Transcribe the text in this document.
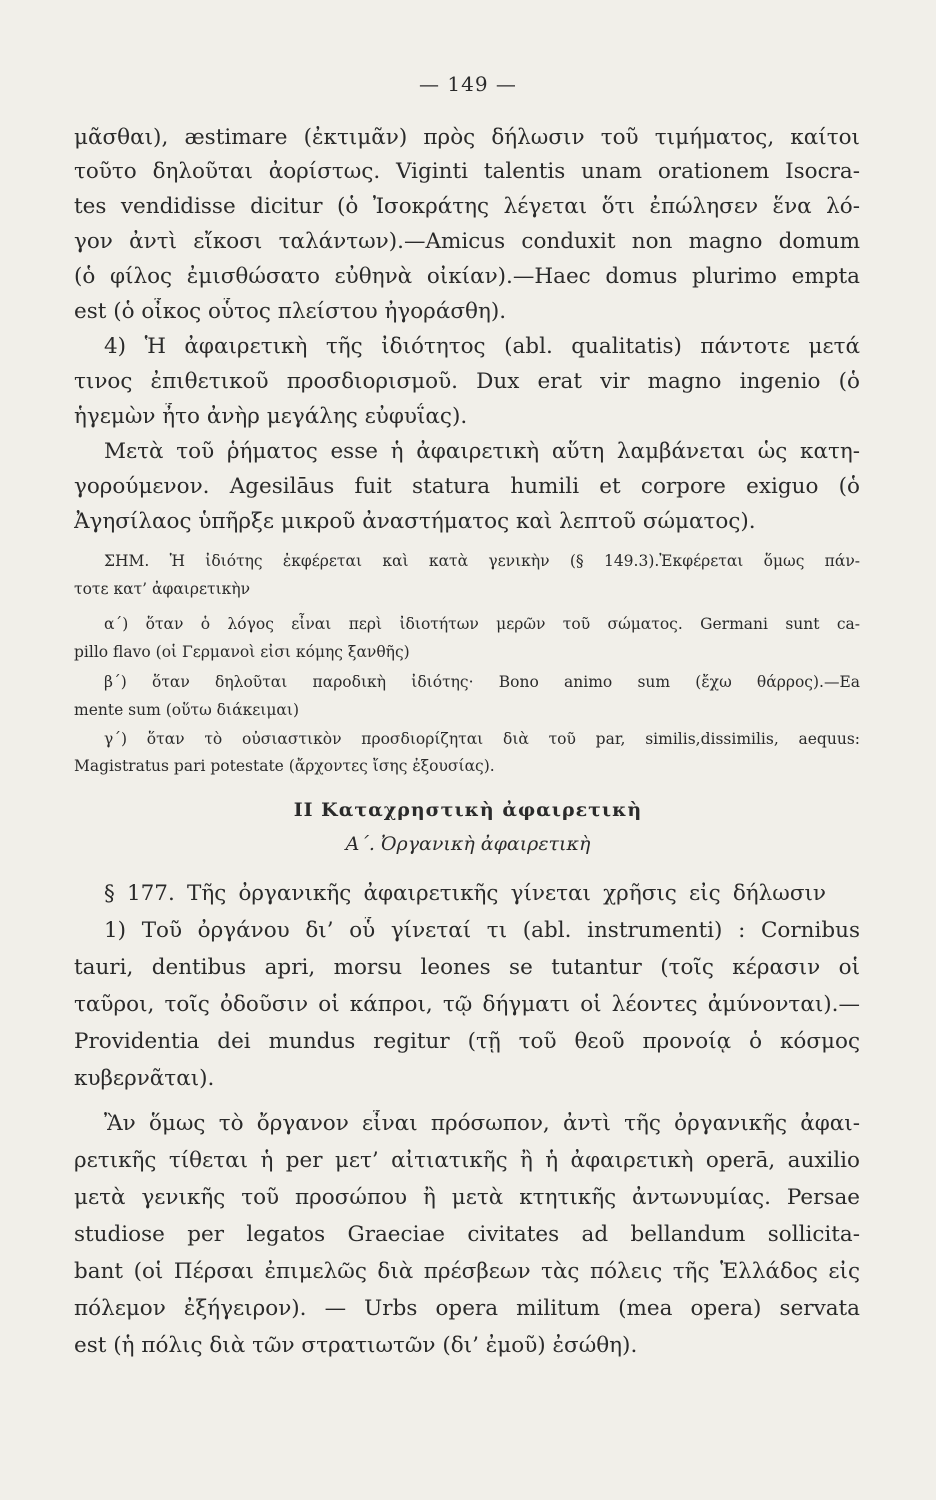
— 149 —
μᾶσθαι), æstimare (ἐκτιμᾶν) πρὸς δήλωσιν τοῦ τιμήματος, καίτοι
τοῦτο δηλοῦται ἀορίστως. Viginti talentis unam orationem Isocra-
tes vendidisse dicitur (ὁ Ἰσοκράτης λέγεται ὅτι ἐπώλησεν ἕνα λό-
γον ἀντὶ εἴκοσι ταλάντων).—Amicus conduxit non magno domum
(ὁ φίλος ἐμισθώσατο εὐθηνὰ οἰκίαν).—Haec domus plurimo empta
est (ὁ οἶκος οὗτος πλείστου ἠγοράσθη).
4) Ἡ ἀφαιρετικὴ τῆς ἰδιότητος (abl. qualitatis) πάντοτε μετά
τινος ἐπιθετικοῦ προσδιορισμοῦ. Dux erat vir magno ingenio (ὁ
ἡγεμὼν ἦτο ἀνὴρ μεγάλης εὐφυΐας).
Μετὰ τοῦ ῥήματος esse ἡ ἀφαιρετικὴ αὕτη λαμβάνεται ὡς κατη-
γορούμενον. Agesilāus fuit statura humili et corpore exiguo (ὁ
Ἀγησίλαος ὑπῆρξε μικροῦ ἀναστήματος καὶ λεπτοῦ σώματος).
ΣΗΜ. Ἡ ἰδιότης ἐκφέρεται καὶ κατὰ γενικὴν (§ 149.3).Ἐκφέρεται ὅμως πάν-
τοτε κατ’ ἀφαιρετικὴν
α΄) ὅταν ὁ λόγος εἶναι περὶ ἰδιοτήτων μερῶν τοῦ σώματος. Germani sunt ca-
pillo flavo (οἱ Γερμανοὶ εἰσι κόμης ξανθῆς)
β΄) ὅταν δηλοῦται παροδικὴ ἰδιότης· Bono animo sum (ἔχω θάρρος).—Ea
mente sum (οὕτω διάκειμαι)
γ΄) ὅταν τὸ οὐσιαστικὸν προσδιορίζηται διὰ τοῦ par, similis,dissimilis, aequus:
Magistratus pari potestate (ἄρχοντες ἴσης ἐξουσίας).
II Καταχρηστικὴ ἀφαιρετικὴ
Α΄. Ὀργανικὴ ἀφαιρετικὴ
§ 177. Τῆς ὀργανικῆς ἀφαιρετικῆς γίνεται χρῆσις εἰς δήλωσιν
1) Τοῦ ὀργάνου δι’ οὗ γίνεταί τι (abl. instrumenti) : Cornibus
tauri, dentibus apri, morsu leones se tutantur (τοῖς κέρασιν οἱ
ταῦροι, τοῖς ὀδοῦσιν οἱ κάπροι, τῷ δήγματι οἱ λέοντες ἀμύνονται).—
Providentia dei mundus regitur (τῇ τοῦ θεοῦ προνοίᾳ ὁ κόσμος
κυβερνᾶται).
Ἂν ὅμως τὸ ὄργανον εἶναι πρόσωπον, ἀντὶ τῆς ὀργανικῆς ἀφαι-
ρετικῆς τίθεται ἡ per μετ’ αἰτιατικῆς ἢ ἡ ἀφαιρετικὴ operā, auxilio
μετὰ γενικῆς τοῦ προσώπου ἢ μετὰ κτητικῆς ἀντωνυμίας. Persae
studiose per legatos Graeciae civitates ad bellandum sollicita-
bant (οἱ Πέρσαι ἐπιμελῶς διὰ πρέσβεων τὰς πόλεις τῆς Ἑλλάδος εἰς
πόλεμον ἐξήγειρον). — Urbs opera militum (mea opera) servata
est (ἡ πόλις διὰ τῶν στρατιωτῶν (δι’ ἐμοῦ) ἐσώθη).
